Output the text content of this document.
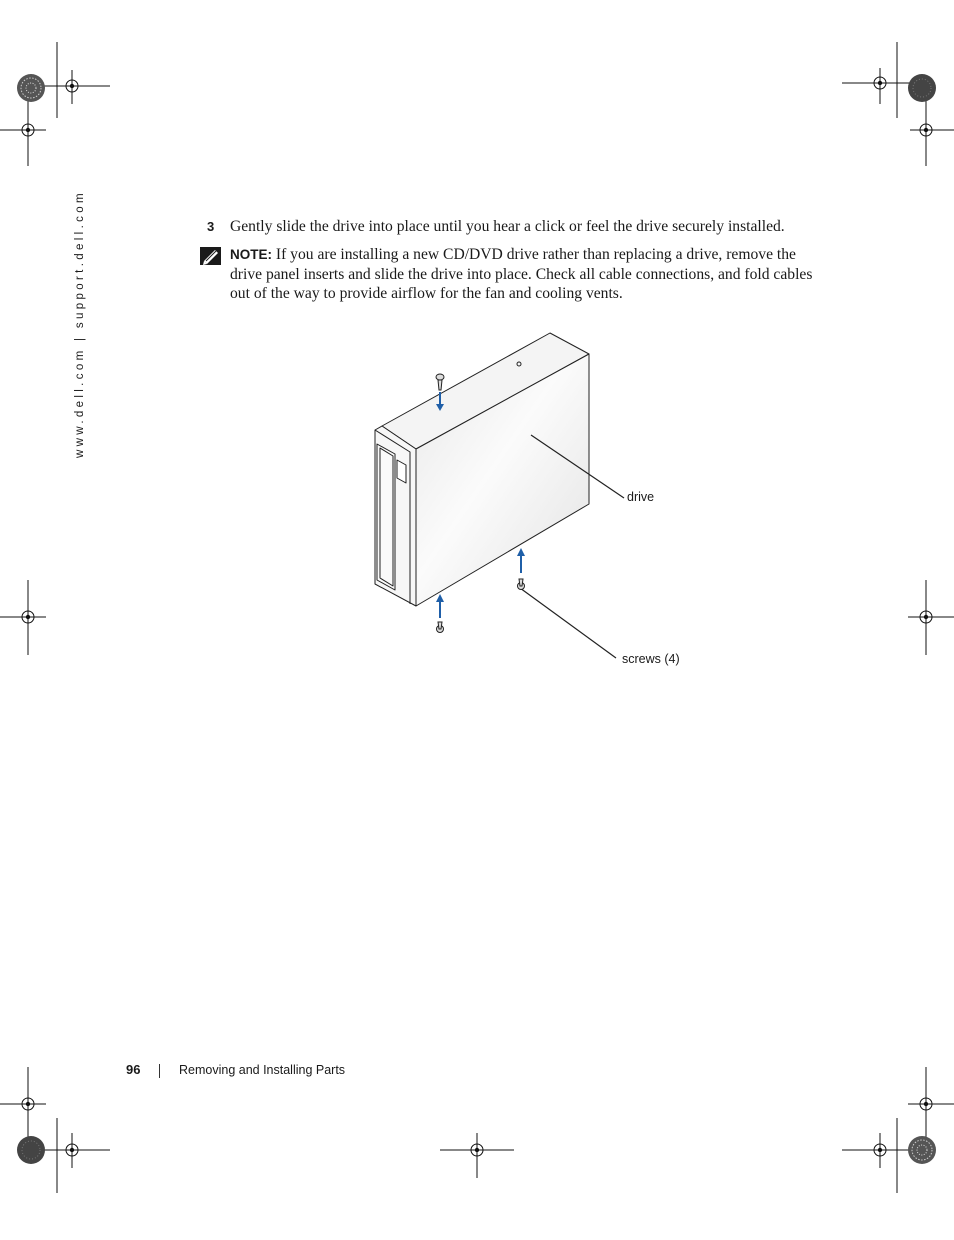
www.dell.com | support.dell.com	3 Gently slide the drive into place until you hear a click or feel the drive securely installed.
NOTE: If you are installing a new CD/DVD drive rather than replacing a drive, remove the drive panel inserts and slide the drive into place. Check all cable connections, and fold cables out of the way to provide airflow for the fan and cooling vents.
drive
screws (4)
96	Removing and Installing Parts
